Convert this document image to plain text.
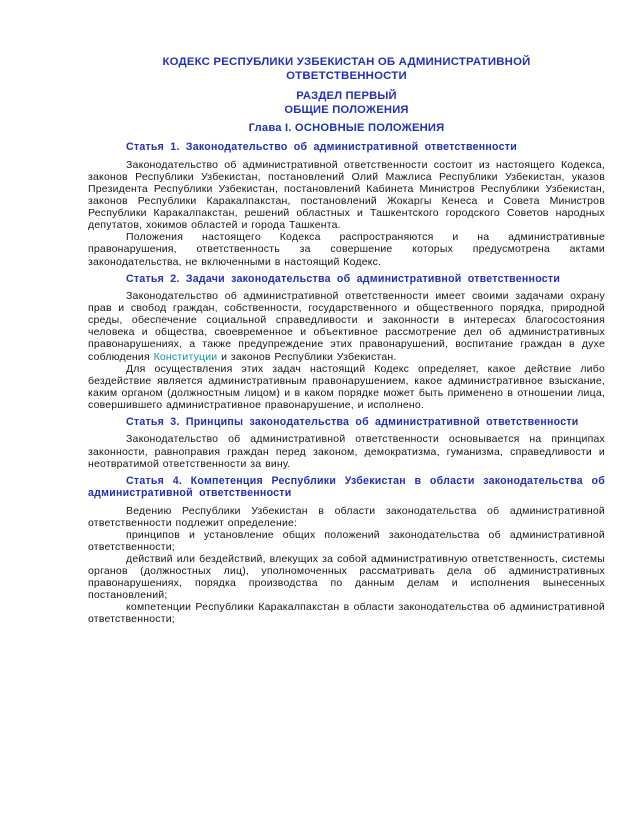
КОДЕКС РЕСПУБЛИКИ УЗБЕКИСТАН ОБ АДМИНИСТРАТИВНОЙ ОТВЕТСТВЕННОСТИ
РАЗДЕЛ ПЕРВЫЙ
ОБЩИЕ ПОЛОЖЕНИЯ
Глава I. ОСНОВНЫЕ ПОЛОЖЕНИЯ
Статья 1. Законодательство об административной ответственности

Законодательство об административной ответственности состоит из настоящего Кодекса, законов Республики Узбекистан, постановлений Олий Мажлиса Республики Узбекистан, указов Президента Республики Узбекистан, постановлений Кабинета Министров Республики Узбекистан, законов Республики Каракалпакстан, постановлений Жокаргы Кенеса и Совета Министров Республики Каракалпакстан, решений областных и Ташкентского городского Советов народных депутатов, хокимов областей и города Ташкента.

Положения настоящего Кодекса распространяются и на административные правонарушения, ответственность за совершение которых предусмотрена актами законодательства, не включенными в настоящий Кодекс.

Статья 2. Задачи законодательства об административной ответственности

Законодательство об административной ответственности имеет своими задачами охрану прав и свобод граждан, собственности, государственного и общественного порядка, природной среды, обеспечение социальной справедливости и законности в интересах благосостояния человека и общества, своевременное и объективное рассмотрение дел об административных правонарушениях, а также предупреждение этих правонарушений, воспитание граждан в духе соблюдения Конституции и законов Республики Узбекистан.

Для осуществления этих задач настоящий Кодекс определяет, какое действие либо бездействие является административным правонарушением, какое административное взыскание, каким органом (должностным лицом) и в каком порядке может быть применено в отношении лица, совершившего административное правонарушение, и исполнено.

Статья 3. Принципы законодательства об административной ответственности

Законодательство об административной ответственности основывается на принципах законности, равноправия граждан перед законом, демократизма, гуманизма, справедливости и неотвратимой ответственности за вину.

Статья 4. Компетенция Республики Узбекистан в области законодательства об административной ответственности

Ведению Республики Узбекистан в области законодательства об административной ответственности подлежит определение:

принципов и установление общих положений законодательства об административной ответственности;

действий или бездействий, влекущих за собой административную ответственность, системы органов (должностных лиц), уполномоченных рассматривать дела об административных правонарушениях, порядка производства по данным делам и исполнения вынесенных постановлений;

компетенции Республики Каракалпакстан в области законодательства об административной ответственности;
